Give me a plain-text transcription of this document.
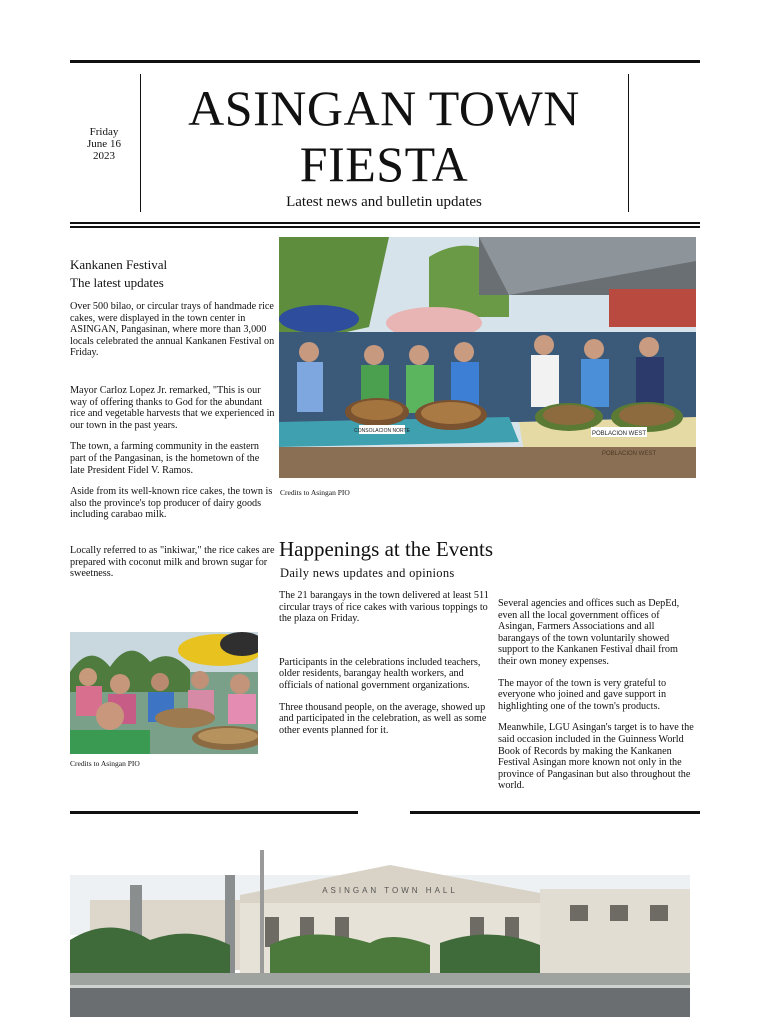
Friday
June 16
2023
ASINGAN TOWN
FIESTA
Latest news and bulletin updates
Kankanen Festival
The latest updates

Over 500 bilao, or circular trays of handmade rice cakes, were displayed in the town center in ASINGAN, Pangasinan, where more than 3,000 locals celebrated the annual Kankanen Festival on Friday.

Mayor Carloz Lopez Jr. remarked, "This is our way of offering thanks to God for the abundant rice and vegetable harvests that we experienced in our town in the past years.

The town, a farming community in the eastern part of the Pangasinan, is the hometown of the late President Fidel V. Ramos.

Aside from its well-known rice cakes, the town is also the province's top producer of dairy goods including carabao milk.

Locally referred to as "inkiwar," the rice cakes are prepared with coconut milk and brown sugar for sweetness.

Credits to Asingan PIO
CONSOLACION NORTE	POBLACION WEST
POBLACION WEST
Credits to Asingan PIO
Happenings at the Events
Daily news updates and opinions

The 21 barangays in the town delivered at least 511 circular trays of rice cakes with various toppings to the plaza on Friday.

Participants in the celebrations included teachers, older residents, barangay health workers, and officials of national government organizations.

Three thousand people, on the average, showed up and participated in the celebration, as well as some other events planned for it.

Several agencies and offices such as DepEd, even all the local government offices of Asingan, Farmers Associations and all barangays of the town voluntarily showed support to the Kankanen Festival dhail from their own money expenses.

The mayor of the town is very grateful to everyone who joined and gave support in highlighting one of the town's products.

Meanwhile, LGU Asingan's target is to have the said occasion included in the Guinness World Book of Records by making the Kankanen Festival Asingan more known not only in the province of Pangasinan but also throughout the world.

ASINGAN TOWN HALL
